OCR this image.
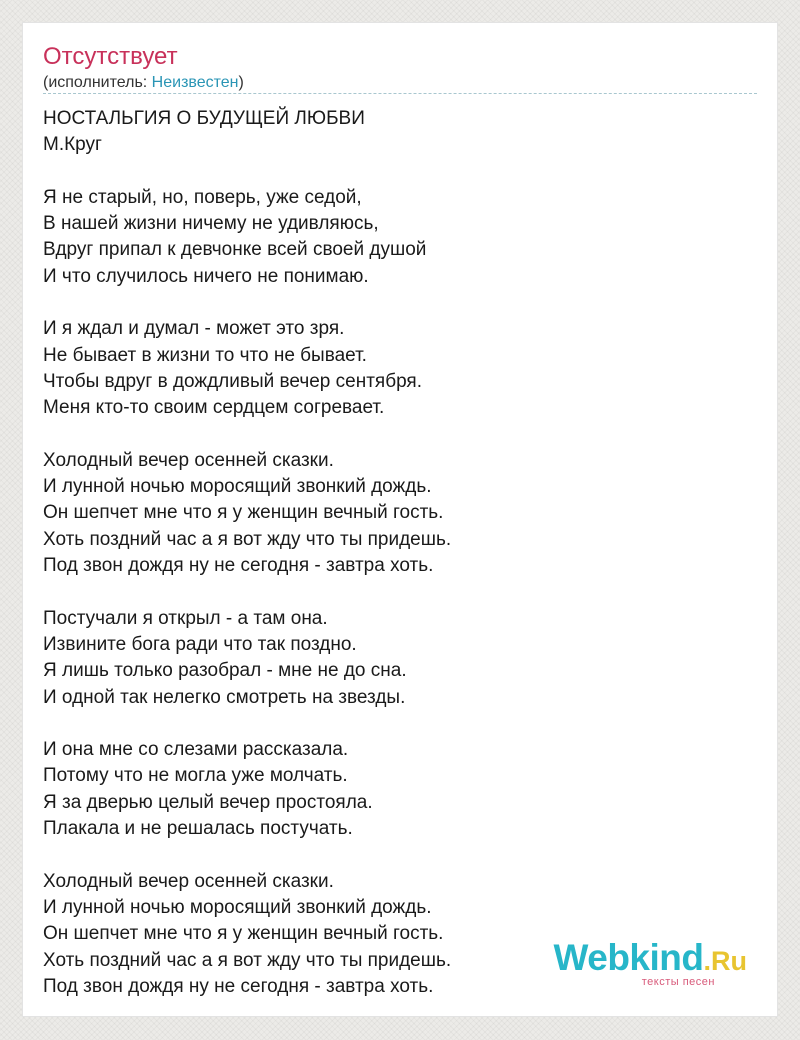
Отсутствует
(исполнитель: Неизвестен)
НОСТАЛЬГИЯ О БУДУЩЕЙ ЛЮБВИ
М.Круг
Я не старый, но, поверь, уже седой,
В нашей жизни ничему не удивляюсь,
Вдруг припал к девчонке всей своей душой
И что случилось ничего не понимаю.
И я ждал и думал - может это зря.
Не бывает в жизни то что не бывает.
Чтобы вдруг в дождливый вечер сентября.
Меня кто-то своим сердцем согревает.
Холодный вечер осенней сказки.
И лунной ночью моросящий звонкий дождь.
Он шепчет мне что я у женщин вечный гость.
Хоть поздний час а я вот жду что ты придешь.
Под звон дождя ну не сегодня - завтра хоть.
Постучали я открыл - а там она.
Извините бога ради что так поздно.
Я лишь только разобрал - мне не до сна.
И одной так нелегко смотреть на звезды.
И она мне со слезами рассказала.
Потому что не могла уже молчать.
Я за дверью целый вечер простояла.
Плакала и не решалась постучать.
Холодный вечер осенней сказки.
И лунной ночью моросящий звонкий дождь.
Он шепчет мне что я у женщин вечный гость.
Хоть поздний час а я вот жду что ты придешь.
Под звон дождя ну не сегодня - завтра хоть.
Webkind.Ru
тексты песен
